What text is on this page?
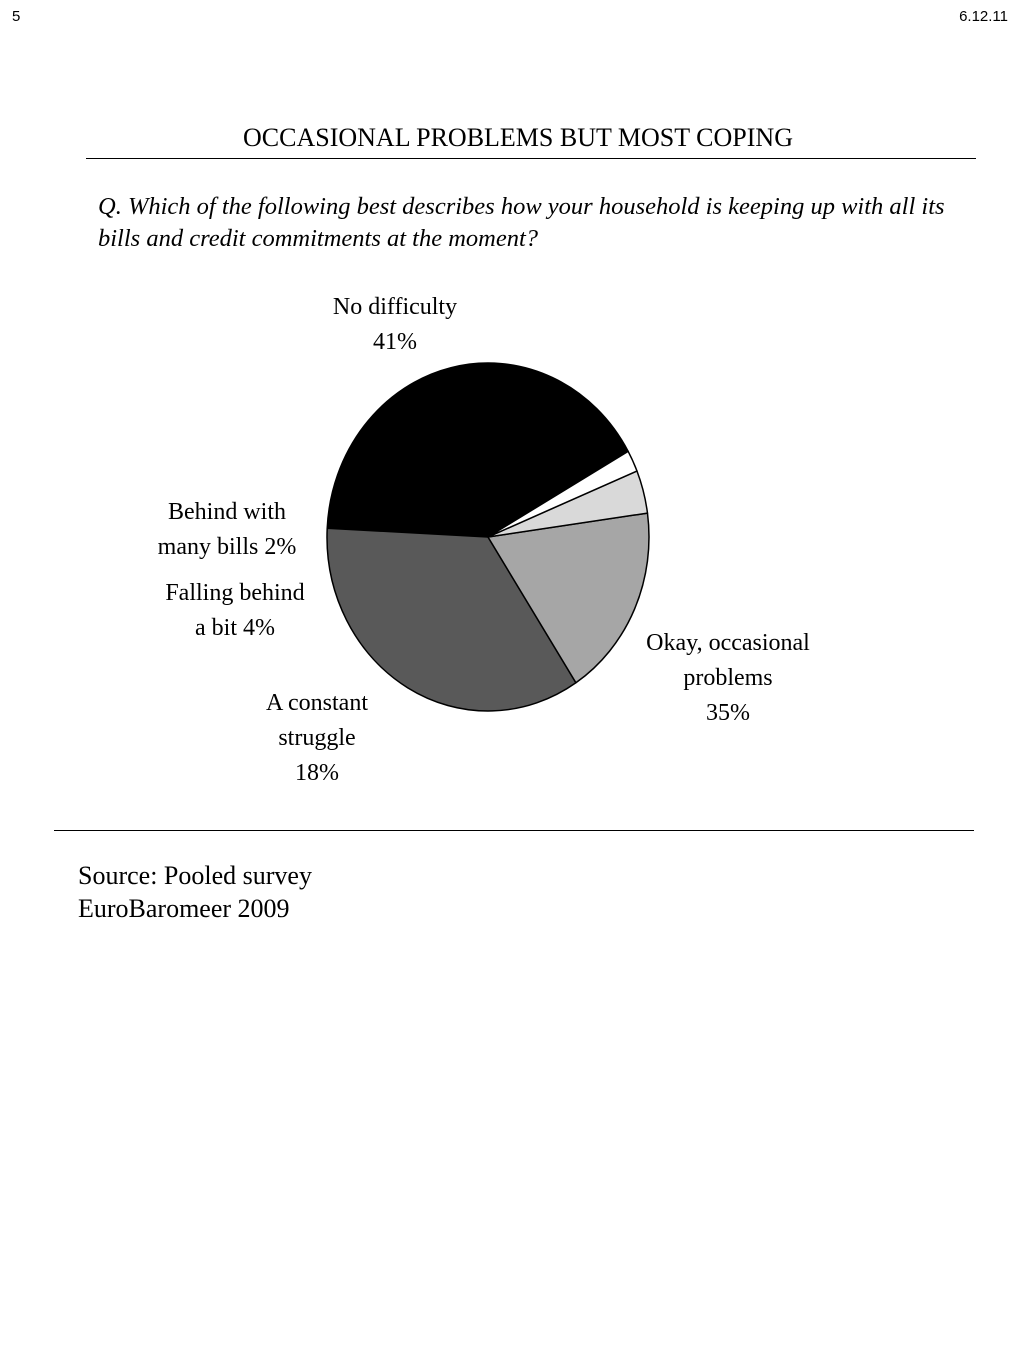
5	6.12.11
OCCASIONAL PROBLEMS BUT MOST COPING
Q. Which of the following best describes how your household is keeping up with all its bills and credit commitments at the moment?
No difficulty 41%
Okay, occasional problems 35%
A constant struggle 18%
Falling behind a bit 4%
Behind with many bills 2%
Source: Pooled survey
EuroBaromeer 2009
